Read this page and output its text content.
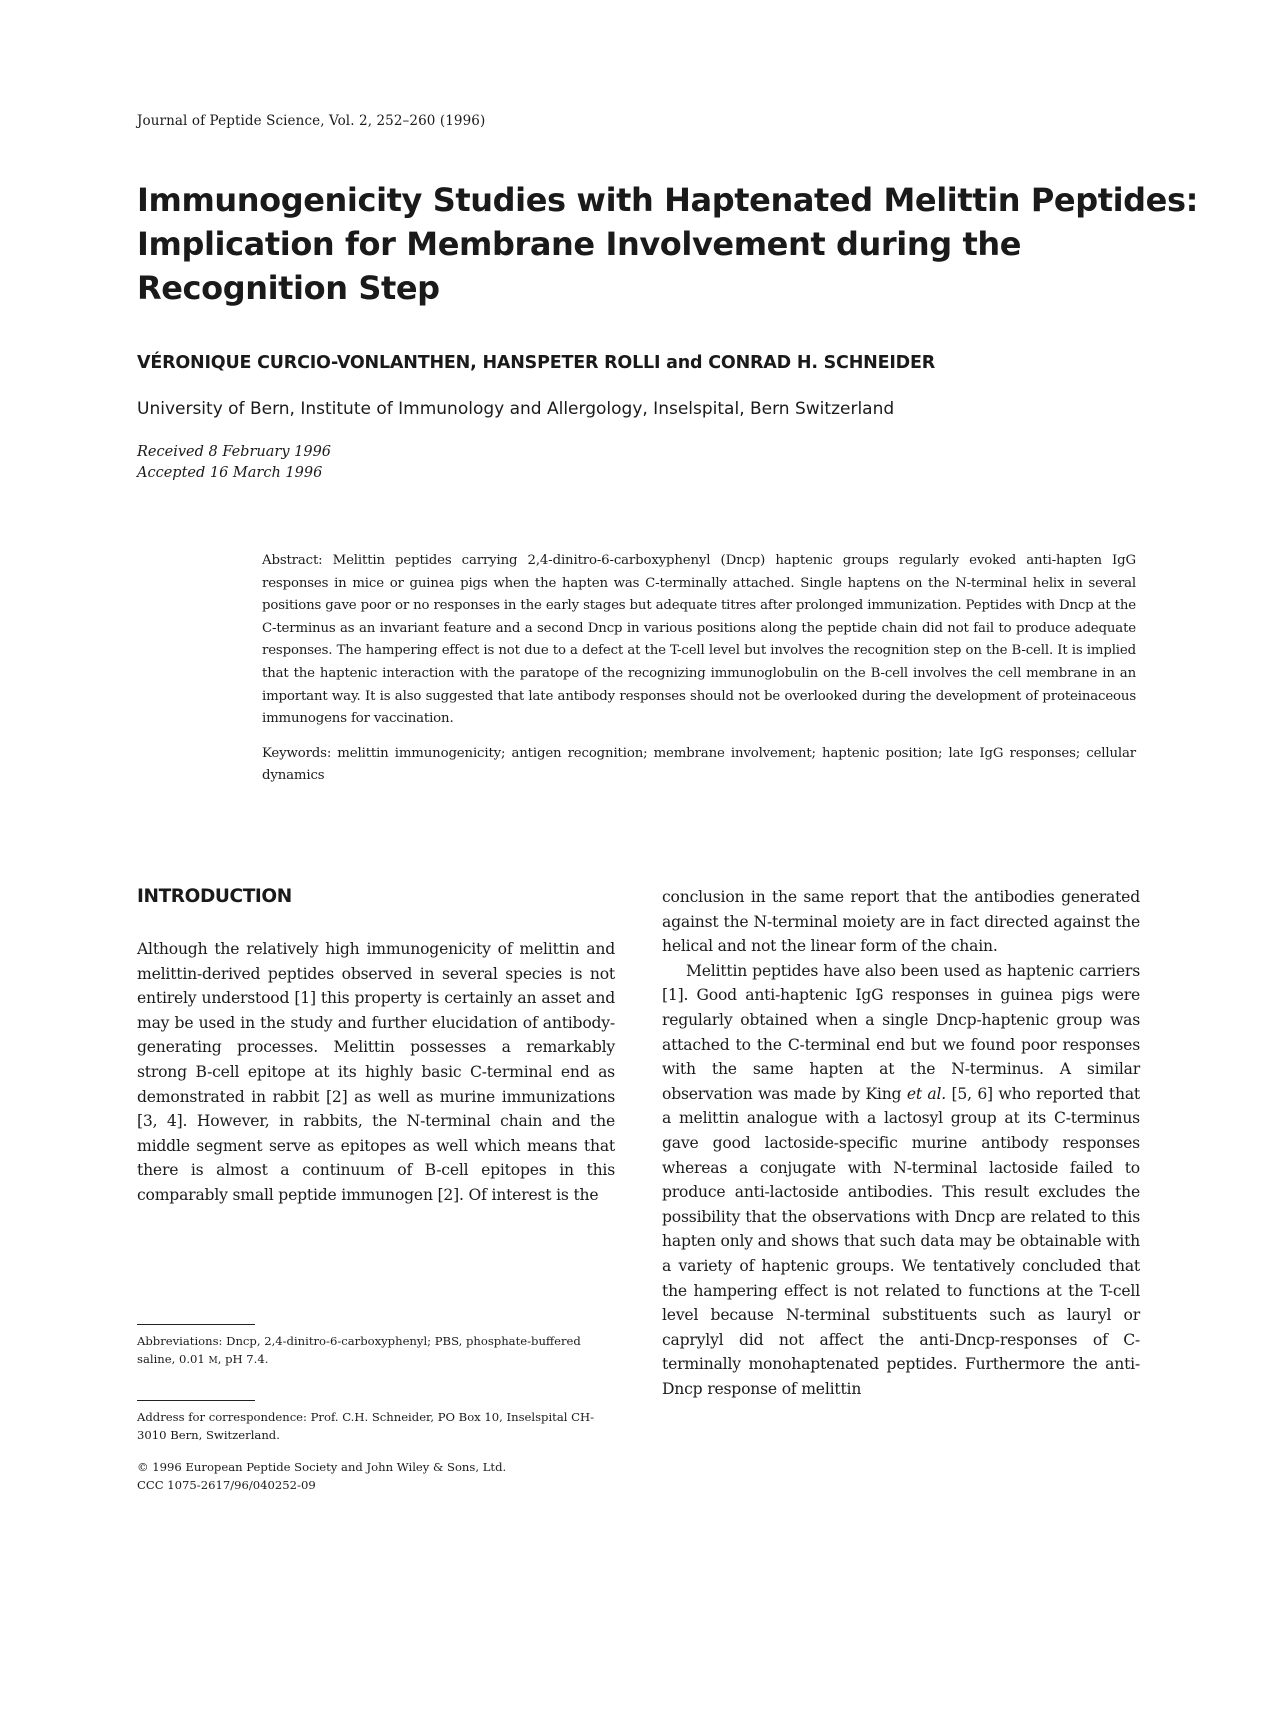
Journal of Peptide Science, Vol. 2, 252–260 (1996)
Immunogenicity Studies with Haptenated Melittin Peptides:
Implication for Membrane Involvement during the
Recognition Step
VÉRONIQUE CURCIO-VONLANTHEN, HANSPETER ROLLI and CONRAD H. SCHNEIDER
University of Bern, Institute of Immunology and Allergology, Inselspital, Bern Switzerland
Received 8 February 1996
Accepted 16 March 1996

Abstract: Melittin peptides carrying 2,4-dinitro-6-carboxyphenyl (Dncp) haptenic groups regularly evoked anti-hapten IgG responses in mice or guinea pigs when the hapten was C-terminally attached. Single haptens on the N-terminal helix in several positions gave poor or no responses in the early stages but adequate titres after prolonged immunization. Peptides with Dncp at the C-terminus as an invariant feature and a second Dncp in various positions along the peptide chain did not fail to produce adequate responses. The hampering effect is not due to a defect at the T-cell level but involves the recognition step on the B-cell. It is implied that the haptenic interaction with the paratope of the recognizing immunoglobulin on the B-cell involves the cell membrane in an important way. It is also suggested that late antibody responses should not be overlooked during the development of proteinaceous immunogens for vaccination.

Keywords: melittin immunogenicity; antigen recognition; membrane involvement; haptenic position; late IgG responses; cellular dynamics

INTRODUCTION

Although the relatively high immunogenicity of melittin and melittin-derived peptides observed in several species is not entirely understood [1] this property is certainly an asset and may be used in the study and further elucidation of antibody-generating processes. Melittin possesses a remarkably strong B-cell epitope at its highly basic C-terminal end as demonstrated in rabbit [2] as well as murine immunizations [3, 4]. However, in rabbits, the N-terminal chain and the middle segment serve as epitopes as well which means that there is almost a continuum of B-cell epitopes in this comparably small peptide immunogen [2]. Of interest is the

Abbreviations: Dncp, 2,4-dinitro-6-carboxyphenyl; PBS, phosphate-buffered saline, 0.01 M, pH 7.4.

Address for correspondence: Prof. C.H. Schneider, PO Box 10, Inselspital CH-3010 Bern, Switzerland.

© 1996 European Peptide Society and John Wiley & Sons, Ltd.
CCC 1075-2617/96/040252-09

conclusion in the same report that the antibodies generated against the N-terminal moiety are in fact directed against the helical and not the linear form of the chain.

Melittin peptides have also been used as haptenic carriers [1]. Good anti-haptenic IgG responses in guinea pigs were regularly obtained when a single Dncp-haptenic group was attached to the C-terminal end but we found poor responses with the same hapten at the N-terminus. A similar observation was made by King et al. [5, 6] who reported that a melittin analogue with a lactosyl group at its C-terminus gave good lactoside-specific murine antibody responses whereas a conjugate with N-terminal lactoside failed to produce anti-lactoside antibodies. This result excludes the possibility that the observations with Dncp are related to this hapten only and shows that such data may be obtainable with a variety of haptenic groups. We tentatively concluded that the hampering effect is not related to functions at the T-cell level because N-terminal substituents such as lauryl or caprylyl did not affect the anti-Dncp-responses of C-terminally monohaptenated peptides. Furthermore the anti-Dncp response of melittin
